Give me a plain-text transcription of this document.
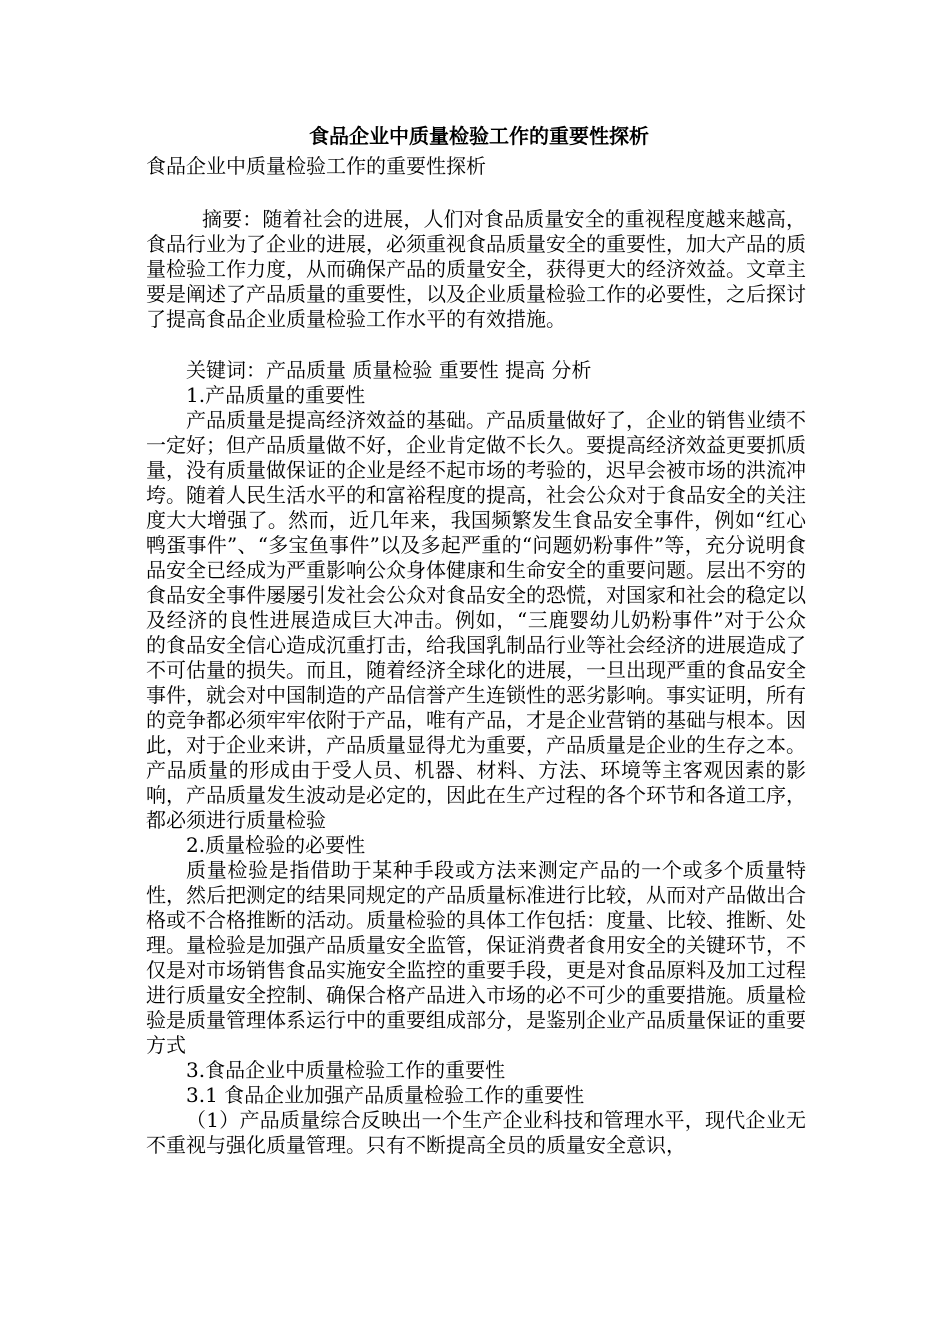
食品企业中质量检验工作的重要性探析

食品企业中质量检验工作的重要性探析

摘要：随着社会的进展，人们对食品质量安全的重视程度越来越高，食品行业为了企业的进展，必须重视食品质量安全的重要性，加大产品的质量检验工作力度，从而确保产品的质量安全，获得更大的经济效益。文章主要是阐述了产品质量的重要性，以及企业质量检验工作的必要性，之后探讨了提高食品企业质量检验工作水平的有效措施。

关键词：产品质量 质量检验 重要性 提高 分析

1.产品质量的重要性

产品质量是提高经济效益的基础。产品质量做好了，企业的销售业绩不一定好；但产品质量做不好，企业肯定做不长久。要提高经济效益更要抓质量，没有质量做保证的企业是经不起市场的考验的，迟早会被市场的洪流冲垮。随着人民生活水平的和富裕程度的提高，社会公众对于食品安全的关注度大大增强了。然而，近几年来，我国频繁发生食品安全事件，例如“红心鸭蛋事件”、“多宝鱼事件”以及多起严重的“问题奶粉事件”等，充分说明食品安全已经成为严重影响公众身体健康和生命安全的重要问题。层出不穷的食品安全事件屡屡引发社会公众对食品安全的恐慌，对国家和社会的稳定以及经济的良性进展造成巨大冲击。例如，“三鹿婴幼儿奶粉事件”对于公众的食品安全信心造成沉重打击，给我国乳制品行业等社会经济的进展造成了不可估量的损失。而且，随着经济全球化的进展，一旦出现严重的食品安全事件，就会对中国制造的产品信誉产生连锁性的恶劣影响。事实证明，所有的竞争都必须牢牢依附于产品，唯有产品，才是企业营销的基础与根本。因此，对于企业来讲，产品质量显得尤为重要，产品质量是企业的生存之本。产品质量的形成由于受人员、机器、材料、方法、环境等主客观因素的影响，产品质量发生波动是必定的，因此在生产过程的各个环节和各道工序，都必须进行质量检验

2.质量检验的必要性

质量检验是指借助于某种手段或方法来测定产品的一个或多个质量特性，然后把测定的结果同规定的产品质量标准进行比较，从而对产品做出合格或不合格推断的活动。质量检验的具体工作包括：度量、比较、推断、处理。量检验是加强产品质量安全监管，保证消费者食用安全的关键环节，不仅是对市场销售食品实施安全监控的重要手段，更是对食品原料及加工过程进行质量安全控制、确保合格产品进入市场的必不可少的重要措施。质量检验是质量管理体系运行中的重要组成部分，是鉴别企业产品质量保证的重要方式

3.食品企业中质量检验工作的重要性

3.1 食品企业加强产品质量检验工作的重要性

（1）产品质量综合反映出一个生产企业科技和管理水平，现代企业无不重视与强化质量管理。只有不断提高全员的质量安全意识，
